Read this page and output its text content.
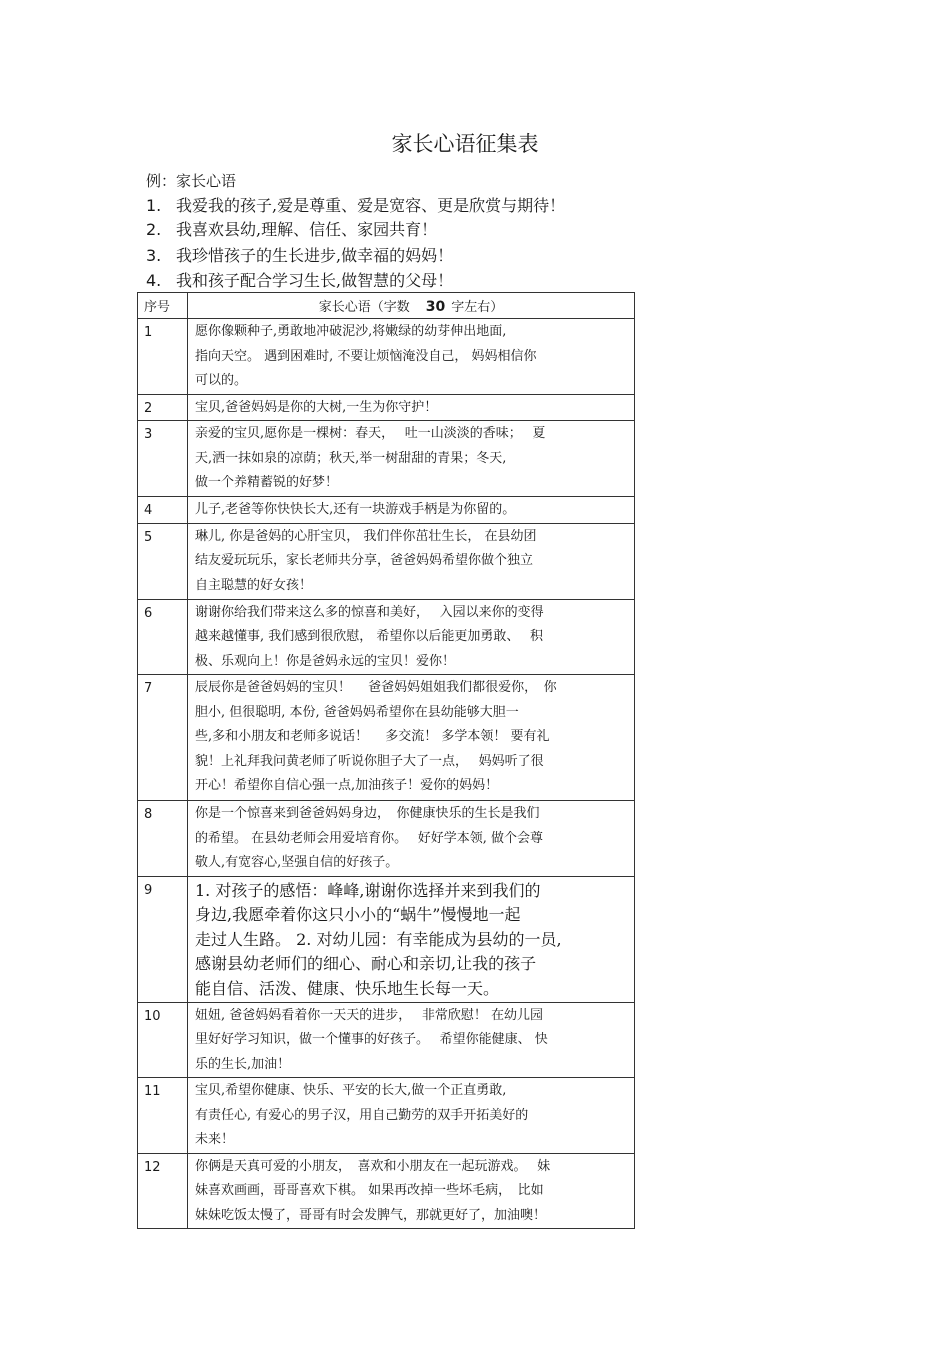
家长心语征集表
例：家长心语
1. 我爱我的孩子,爱是尊重、爱是宽容、更是欣赏与期待！
2. 我喜欢县幼,理解、信任、家园共育！
3. 我珍惜孩子的生长进步,做幸福的妈妈！
4. 我和孩子配合学习生长,做智慧的父母！
序号	家长心语（字数 30 字左右）
1	愿你像颗种子,勇敢地冲破泥沙,将嫩绿的幼芽伸出地面,
指向天空。 遇到困难时, 不要让烦恼淹没自己， 妈妈相信你
可以的。

2	宝贝,爸爸妈妈是你的大树,一生为你守护！

3	亲爱的宝贝,愿你是一棵树：春天，　 吐一山淡淡的香味；　 夏
天,洒一抹如泉的凉荫；秋天,举一树甜甜的青果；冬天,
做一个养精蓄锐的好梦！

4	儿子,老爸等你快快长大,还有一块游戏手柄是为你留的。

5	琳儿, 你是爸妈的心肝宝贝， 我们伴你茁壮生长， 在县幼团
结友爱玩玩乐，家长老师共分享，爸爸妈妈希望你做个独立
自主聪慧的好女孩！

6	谢谢你给我们带来这么多的惊喜和美好，　 入园以来你的变得
越来越懂事, 我们感到很欣慰， 希望你以后能更加勇敢、　 积
极、乐观向上！你是爸妈永远的宝贝！爱你！

7	辰辰你是爸爸妈妈的宝贝！　 爸爸妈妈姐姐我们都很爱你，　你
胆小, 但很聪明, 本份, 爸爸妈妈希望你在县幼能够大胆一
些,多和小朋友和老师多说话！　 多交流！ 多学本领！ 要有礼
貌！上礼拜我问黄老师了听说你胆子大了一点，　 妈妈听了很
开心！希望你自信心强一点,加油孩子！爱你的妈妈！

8	你是一个惊喜来到爸爸妈妈身边，　你健康快乐的生长是我们
的希望。 在县幼老师会用爱培育你。　 好好学本领, 做个会尊
敬人,有宽容心,坚强自信的好孩子。

9	1. 对孩子的感悟：峰峰,谢谢你选择并来到我们的
身边,我愿牵着你这只小小的“蜗牛”慢慢地一起
走过人生路。 2. 对幼儿园：有幸能成为县幼的一员,
感谢县幼老师们的细心、耐心和亲切,让我的孩子
能自信、活泼、健康、快乐地生长每一天。

10	妞妞, 爸爸妈妈看着你一天天的进步，　 非常欣慰！ 在幼儿园
里好好学习知识，做一个懂事的好孩子。　 希望你能健康、 快
乐的生长,加油！

11	宝贝,希望你健康、快乐、平安的长大,做一个正直勇敢,
有责任心, 有爱心的男子汉，用自己勤劳的双手开拓美好的
未来！

12	你俩是天真可爱的小朋友，　喜欢和小朋友在一起玩游戏。　 妹
妹喜欢画画，哥哥喜欢下棋。 如果再改掉一些坏毛病，　比如
妹妹吃饭太慢了，哥哥有时会发脾气，那就更好了，加油噢！
